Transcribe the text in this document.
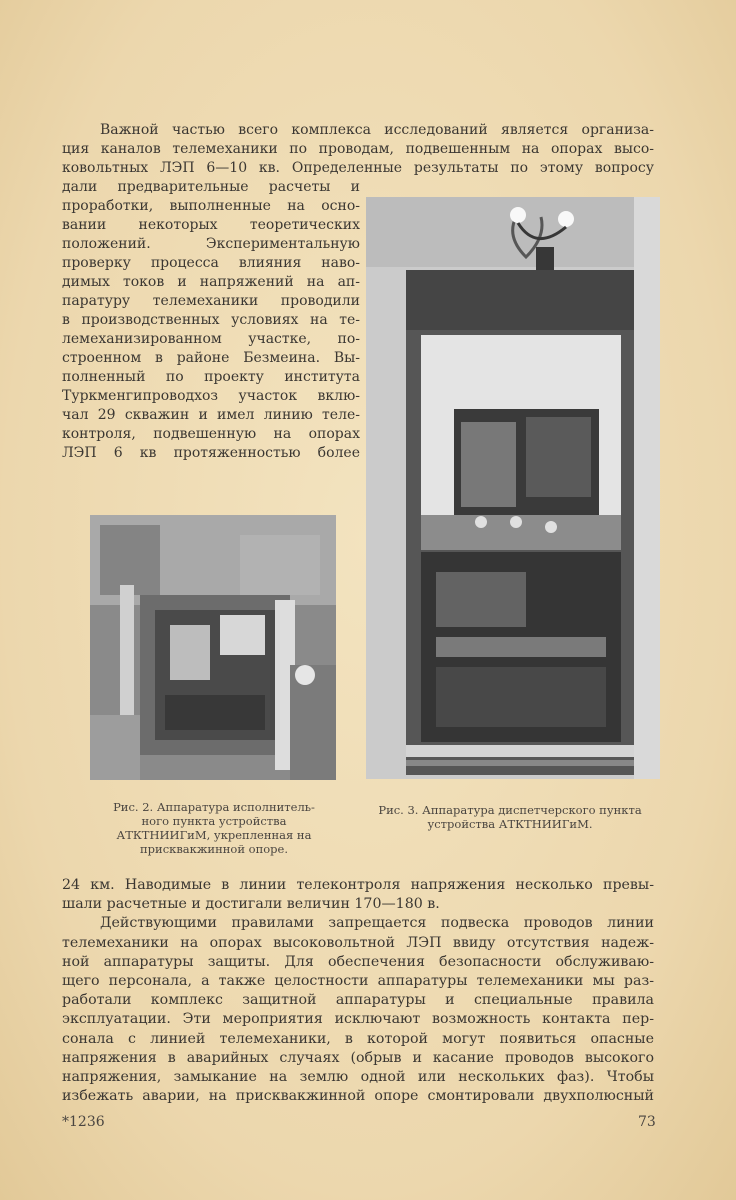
Важной частью всего комплекса исследований является организа-
ция каналов телемеханики по проводам, подвешенным на опорах высо-
ковольтных ЛЭП 6—10 кв. Определенные результаты по этому вопросу
дали предварительные расчеты и
проработки, выполненные на осно-
вании некоторых теоретических
положений. Экспериментальную
проверку процесса влияния наво-
димых токов и напряжений на ап-
паратуру телемеханики проводили
в производственных условиях на те-
лемеханизированном участке, по-
строенном в районе Безмеина. Вы-
полненный по проекту института
Туркменгипроводхоз участок вклю-
чал 29 скважин и имел линию теле-
контроля, подвешенную на опорах
ЛЭП 6 кв протяженностью более
Рис. 2. Аппаратура исполнитель-
ного пункта устройства
АТКТНИИГиМ, укрепленная на
присквакжинной опоре.
Рис. 3. Аппаратура диспетчерского пункта
устройства АТКТНИИГиМ.
24 км. Наводимые в линии телеконтроля напряжения несколько превы-
шали расчетные и достигали величин 170—180 в.
Действующими правилами запрещается подвеска проводов линии
телемеханики на опорах высоковольтной ЛЭП ввиду отсутствия надеж-
ной аппаратуры защиты. Для обеспечения безопасности обслуживаю-
щего персонала, а также целостности аппаратуры телемеханики мы раз-
работали комплекс защитной аппаратуры и специальные правила
эксплуатации. Эти мероприятия исключают возможность контакта пер-
сонала с линией телемеханики, в которой могут появиться опасные
напряжения в аварийных случаях (обрыв и касание проводов высокого
напряжения, замыкание на землю одной или нескольких фаз). Чтобы
избежать аварии, на присквакжинной опоре смонтировали двухполюсный
*1236	73
